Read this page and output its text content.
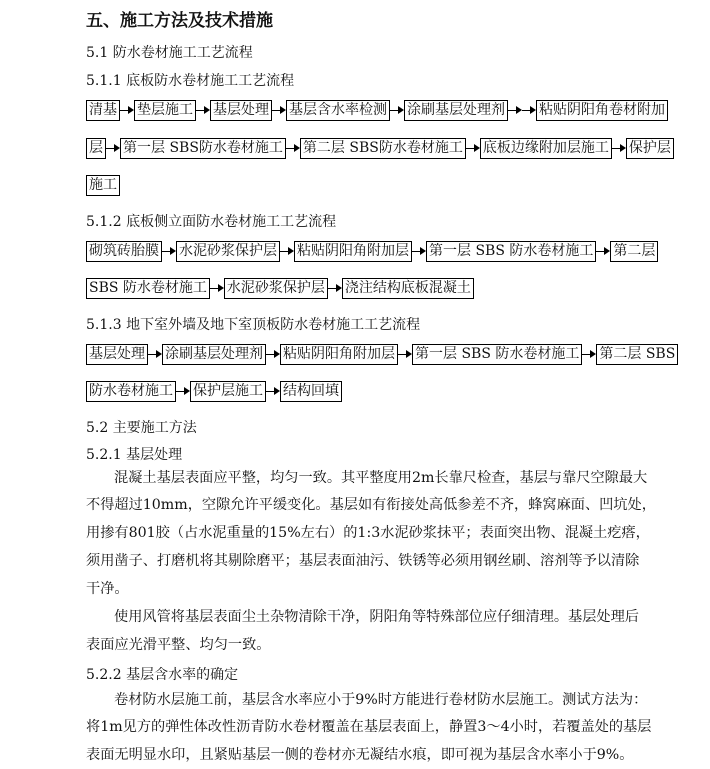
五、施工方法及技术措施
5.1 防水卷材施工工艺流程
5.1.1 底板防水卷材施工工艺流程
清基 垫层施工 基层处理 基层含水率检测 涂刷基层处理剂 粘贴阴阳角卷材附加
层 第一层 SBS防水卷材施工 第二层 SBS防水卷材施工 底板边缘附加层施工 保护层
施工
5.1.2 底板侧立面防水卷材施工工艺流程
砌筑砖胎膜 水泥砂浆保护层 粘贴阴阳角附加层 第一层 SBS 防水卷材施工 第二层
SBS 防水卷材施工 水泥砂浆保护层 浇注结构底板混凝土
5.1.3 地下室外墙及地下室顶板防水卷材施工工艺流程
基层处理 涂刷基层处理剂 粘贴阴阳角附加层 第一层 SBS 防水卷材施工 第二层 SBS
防水卷材施工 保护层施工 结构回填
5.2 主要施工方法
5.2.1 基层处理
混凝土基层表面应平整，均匀一致。其平整度用2m长靠尺检查，基层与靠尺空隙最大
不得超过10mm，空隙允许平缓变化。基层如有衔接处高低参差不齐，蜂窝麻面、凹坑处，
用掺有801胶（占水泥重量的15%左右）的1:3水泥砂浆抹平；表面突出物、混凝土疙瘩，
须用凿子、打磨机将其剔除磨平；基层表面油污、铁锈等必须用钢丝刷、溶剂等予以清除
干净。
使用风管将基层表面尘土杂物清除干净，阴阳角等特殊部位应仔细清理。基层处理后
表面应光滑平整、均匀一致。
5.2.2 基层含水率的确定
卷材防水层施工前，基层含水率应小于9%时方能进行卷材防水层施工。测试方法为：
将1m见方的弹性体改性沥青防水卷材覆盖在基层表面上，静置3～4小时，若覆盖处的基层
表面无明显水印，且紧贴基层一侧的卷材亦无凝结水痕，即可视为基层含水率小于9%。
